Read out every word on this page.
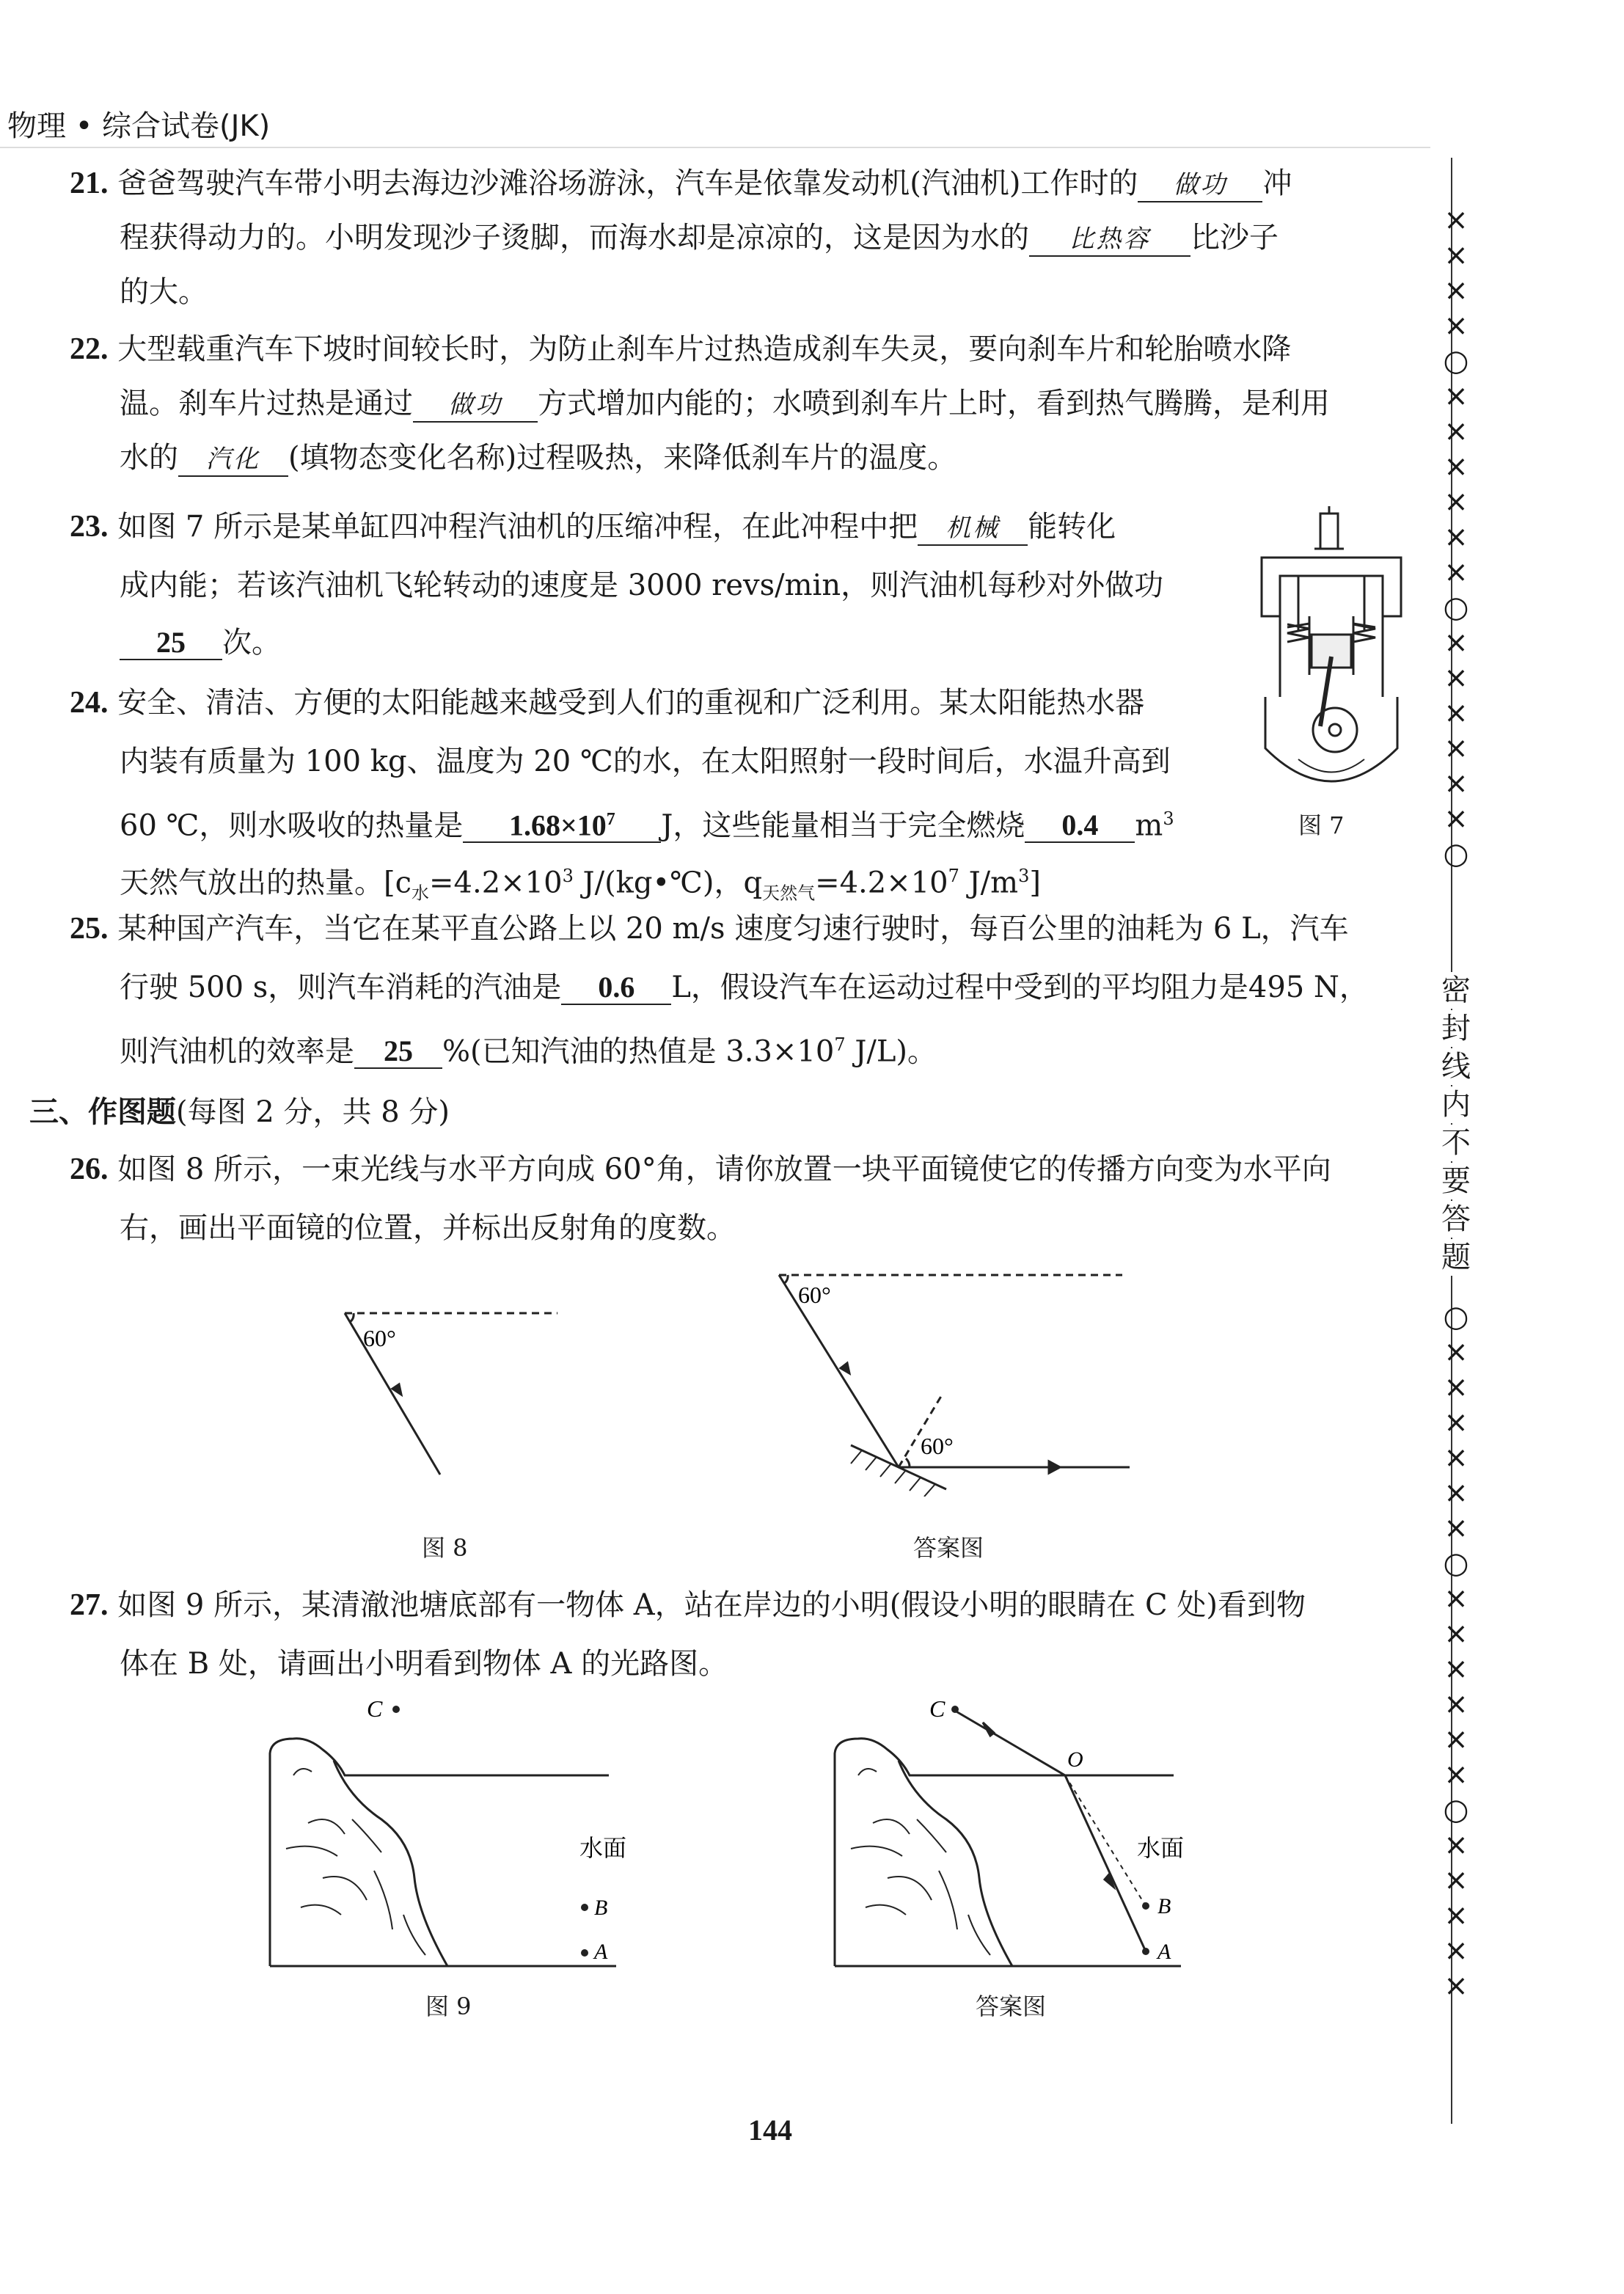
物理 • 综合试卷(JK)
21. 爸爸驾驶汽车带小明去海边沙滩浴场游泳，汽车是依靠发动机(汽油机)工作时的 做功 冲
程获得动力的。小明发现沙子烫脚，而海水却是凉凉的，这是因为水的 比热容 比沙子
的大。
22. 大型载重汽车下坡时间较长时，为防止刹车片过热造成刹车失灵，要向刹车片和轮胎喷水降
温。刹车片过热是通过 做功 方式增加内能的；水喷到刹车片上时，看到热气腾腾，是利用
水的 汽化 (填物态变化名称)过程吸热，来降低刹车片的温度。
23. 如图 7 所示是某单缸四冲程汽油机的压缩冲程，在此冲程中把 机械 能转化
成内能；若该汽油机飞轮转动的速度是 3000 revs/min，则汽油机每秒对外做功
25 次。
图 7
24. 安全、清洁、方便的太阳能越来越受到人们的重视和广泛利用。某太阳能热水器
内装有质量为 100 kg、温度为 20 ℃的水，在太阳照射一段时间后，水温升高到
60 ℃，则水吸收的热量是 $1.68\times 10^7$ J，这些能量相当于完全燃烧 0.4 $m^3$
天然气放出的热量。[$c_水=4.2\times 10^3$ J/(kg•℃)，$q_{天然气}=4.2\times 10^7$ $J/m^3$]
25. 某种国产汽车，当它在某平直公路上以 20 m/s 速度匀速行驶时，每百公里的油耗为 6 L，汽车
行驶 500 s，则汽车消耗的汽油是 0.6 L，假设汽车在运动过程中受到的平均阻力是495 N，
则汽油机的效率是 25 %(已知汽油的热值是 $3.3\times 10^7$ J/L)。
三、作图题(每图 2 分，共 8 分)
26. 如图 8 所示，一束光线与水平方向成 60°角，请你放置一块平面镜使它的传播方向变为水平向
右，画出平面镜的位置，并标出反射角的度数。
60°
图 8
60°
60°
答案图
27. 如图 9 所示，某清澈池塘底部有一物体 A，站在岸边的小明(假设小明的眼睛在 C 处)看到物
体在 B 处，请画出小明看到物体 A 的光路图。
C
B
A
水面
图 9
C
O
B
A
水面
答案图
144
×
×
×
×
○
×
×
×
×
×
×
○
×
×
×
×
×
×
○
密
封
线
内
不
要
答
题
○
×
×
×
×
×
×
○
×
×
×
×
×
×
○
×
×
×
×
×
